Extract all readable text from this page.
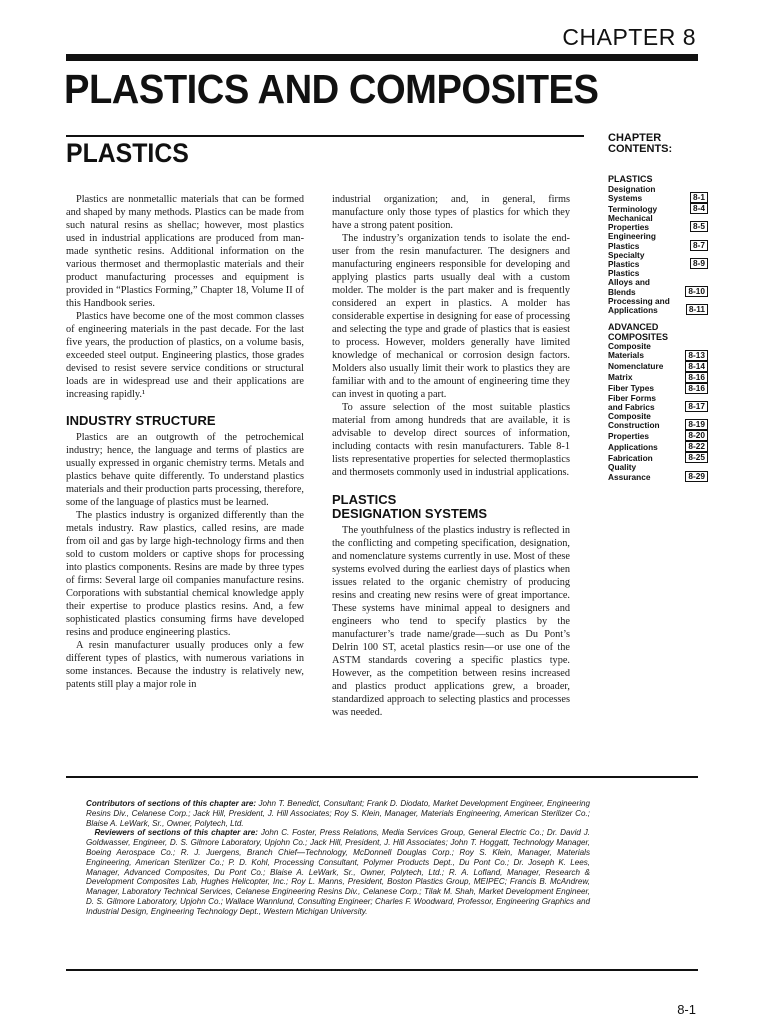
CHAPTER 8
PLASTICS AND COMPOSITES
PLASTICS

Plastics are nonmetallic materials that can be formed and shaped by many methods. Plastics can be made from such natural resins as shellac; however, most plastics used in industrial applications are produced from man-made synthetic resins. Additional information on the various thermoset and thermoplastic materials and their product manufacturing processes and equipment is provided in “Plastics Forming,” Chapter 18, Volume II of this Handbook series.

Plastics have become one of the most common classes of engineering materials in the past decade. For the last five years, the production of plastics, on a volume basis, exceeded steel output. Engineering plastics, those grades devised to resist severe service conditions or structural loads are in widespread use and their applications are increasing rapidly.¹

INDUSTRY STRUCTURE

Plastics are an outgrowth of the petrochemical industry; hence, the language and terms of plastics are usually expressed in organic chemistry terms. Metals and plastics behave quite differently. To understand plastics materials and their production parts processing, therefore, some of the language of plastics must be learned.

The plastics industry is organized differently than the metals industry. Raw plastics, called resins, are made from oil and gas by large high-technology firms and then sold to custom molders or captive shops for processing into plastics components. Resins are made by three types of firms: Several large oil companies manufacture resins. Corporations with substantial chemical knowledge apply their expertise to produce plastics resins. And, a few sophisticated plastics consuming firms have developed resins and produce engineering plastics.

A resin manufacturer usually produces only a few different types of plastics, with numerous variations in some instances. Because the industry is relatively new, patents still play a major role in

industrial organization; and, in general, firms manufacture only those types of plastics for which they have a strong patent position.

The industry’s organization tends to isolate the end-user from the resin manufacturer. The designers and manufacturing engineers responsible for developing and applying plastics parts usually deal with a custom molder. The molder is the part maker and is frequently considered an expert in plastics. A molder has considerable expertise in designing for ease of processing and selecting the type and grade of plastics that is easiest to process. However, molders generally have limited knowledge of mechanical or corrosion design factors. Molders also usually limit their work to plastics they are familiar with and to the amount of engineering time they can invest in quoting a part.

To assure selection of the most suitable plastics material from among hundreds that are available, it is advisable to develop direct sources of information, including contacts with resin manufacturers. Table 8-1 lists representative properties for selected thermoplastics and thermosets commonly used in industrial applications.

PLASTICS
DESIGNATION SYSTEMS

The youthfulness of the plastics industry is reflected in the conflicting and competing specification, designation, and nomenclature systems currently in use. Most of these systems evolved during the earliest days of plastics when issues related to the organic chemistry of producing resins and creating new resins were of great importance. These systems have minimal appeal to designers and engineers who tend to specify plastics by the manufacturer’s trade name/grade—such as Du Pont’s Delrin 100 ST, acetal plastics resin—or use one of the ASTM standards covering a specific plastics type. However, as the competition between resins increased and plastics product applications grew, a broader, standardized approach to selecting plastics and processes was needed.

CHAPTER
CONTENTS:
PLASTICS
Designation
Systems	8-1
Terminology	8-4
Mechanical
Properties	8-5
Engineering
Plastics	8-7
Specialty
Plastics	8-9
Plastics
Alloys and
Blends	8-10
Processing and
Applications	8-11
ADVANCED
COMPOSITES
Composite
Materials	8-13
Nomenclature	8-14
Matrix	8-16
Fiber Types	8-16
Fiber Forms
and Fabrics	8-17
Composite
Construction	8-19
Properties	8-20
Applications	8-22
Fabrication	8-25
Quality
Assurance	8-29
Contributors of sections of this chapter are: John T. Benedict, Consultant; Frank D. Diodato, Market Development Engineer, Engineering Resins Div., Celanese Corp.; Jack Hill, President, J. Hill Associates; Roy S. Klein, Manager, Materials Engineering, American Sterilizer Co.; Blaise A. LeWark, Sr., Owner, Polytech, Ltd.
Reviewers of sections of this chapter are: John C. Foster, Press Relations, Media Services Group, General Electric Co.; Dr. David J. Goldwasser, Engineer, D. S. Gilmore Laboratory, Upjohn Co.; Jack Hill, President, J. Hill Associates; John T. Hoggatt, Technology Manager, Boeing Aerospace Co.; R. J. Juergens, Branch Chief—Technology, McDonnell Douglas Corp.; Roy S. Klein, Manager, Materials Engineering, American Sterilizer Co.; P. D. Kohl, Processing Consultant, Polymer Products Dept., Du Pont Co.; Dr. Joseph K. Lees, Manager, Advanced Composites, Du Pont Co.; Blaise A. LeWark, Sr., Owner, Polytech, Ltd.; R. A. Lofland, Manager, Research & Development Composites Lab, Hughes Helicopter, Inc.; Roy L. Manns, President, Boston Plastics Group, MEIPEC; Francis B. McAndrew, Manager, Laboratory Technical Services, Celanese Engineering Resins Div., Celanese Corp.; Tilak M. Shah, Market Development Engineer, D. S. Gilmore Laboratory, Upjohn Co.; Wallace Wannlund, Consulting Engineer; Charles F. Woodward, Professor, Engineering Graphics and Industrial Design, Engineering Technology Dept., Western Michigan University.
8-1
